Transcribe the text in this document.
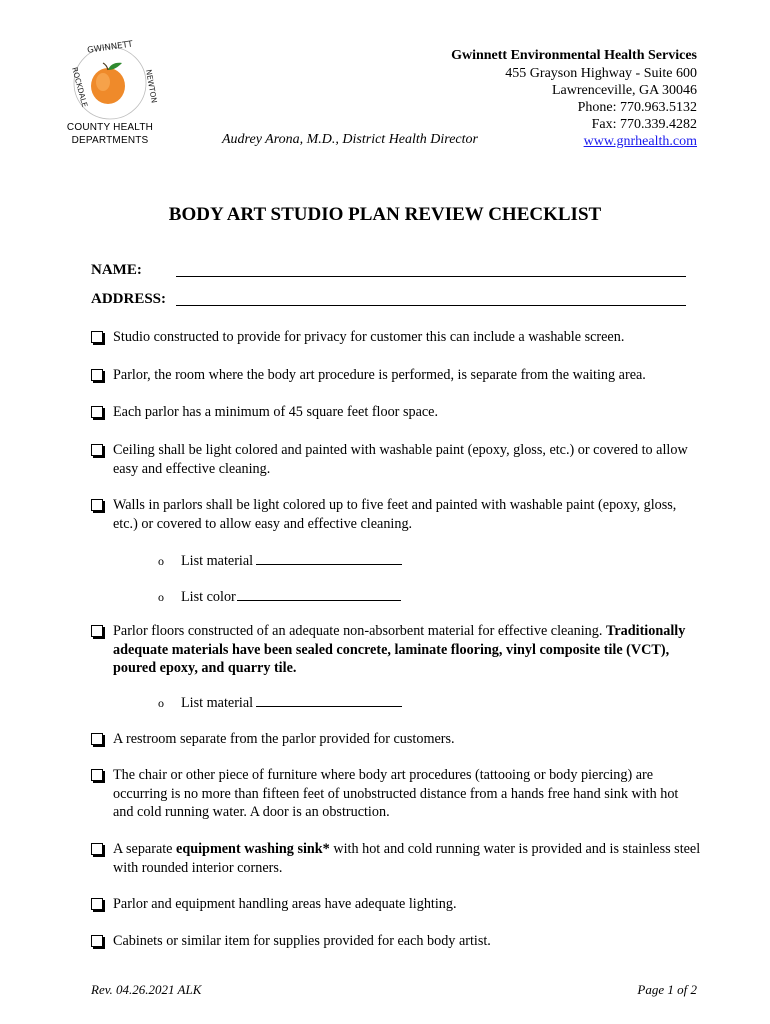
GWINNETT
ROCKDALE	NEWTON
COUNTY HEALTH
DEPARTMENTS
Gwinnett Environmental Health Services
455 Grayson Highway - Suite 600
Lawrenceville, GA 30046
Phone: 770.963.5132
Fax: 770.339.4282
www.gnrhealth.com
Audrey Arona, M.D., District Health Director
BODY ART STUDIO PLAN REVIEW CHECKLIST
NAME:
ADDRESS:
Studio constructed to provide for privacy for customer this can include a washable screen.
Parlor, the room where the body art procedure is performed, is separate from the waiting area.
Each parlor has a minimum of 45 square feet floor space.
Ceiling shall be light colored and painted with washable paint (epoxy, gloss, etc.) or covered to allow easy and effective cleaning.
Walls in parlors shall be light colored up to five feet and painted with washable paint (epoxy, gloss, etc.) or covered to allow easy and effective cleaning.
o List material
o List color
Parlor floors constructed of an adequate non-absorbent material for effective cleaning. Traditionally adequate materials have been sealed concrete, laminate flooring, vinyl composite tile (VCT), poured epoxy, and quarry tile.
o List material
A restroom separate from the parlor provided for customers.
The chair or other piece of furniture where body art procedures (tattooing or body piercing) are occurring is no more than fifteen feet of unobstructed distance from a hands free hand sink with hot and cold running water. A door is an obstruction.
A separate equipment washing sink* with hot and cold running water is provided and is stainless steel with rounded interior corners.
Parlor and equipment handling areas have adequate lighting.
Cabinets or similar item for supplies provided for each body artist.
Rev. 04.26.2021 ALK	Page 1 of 2
